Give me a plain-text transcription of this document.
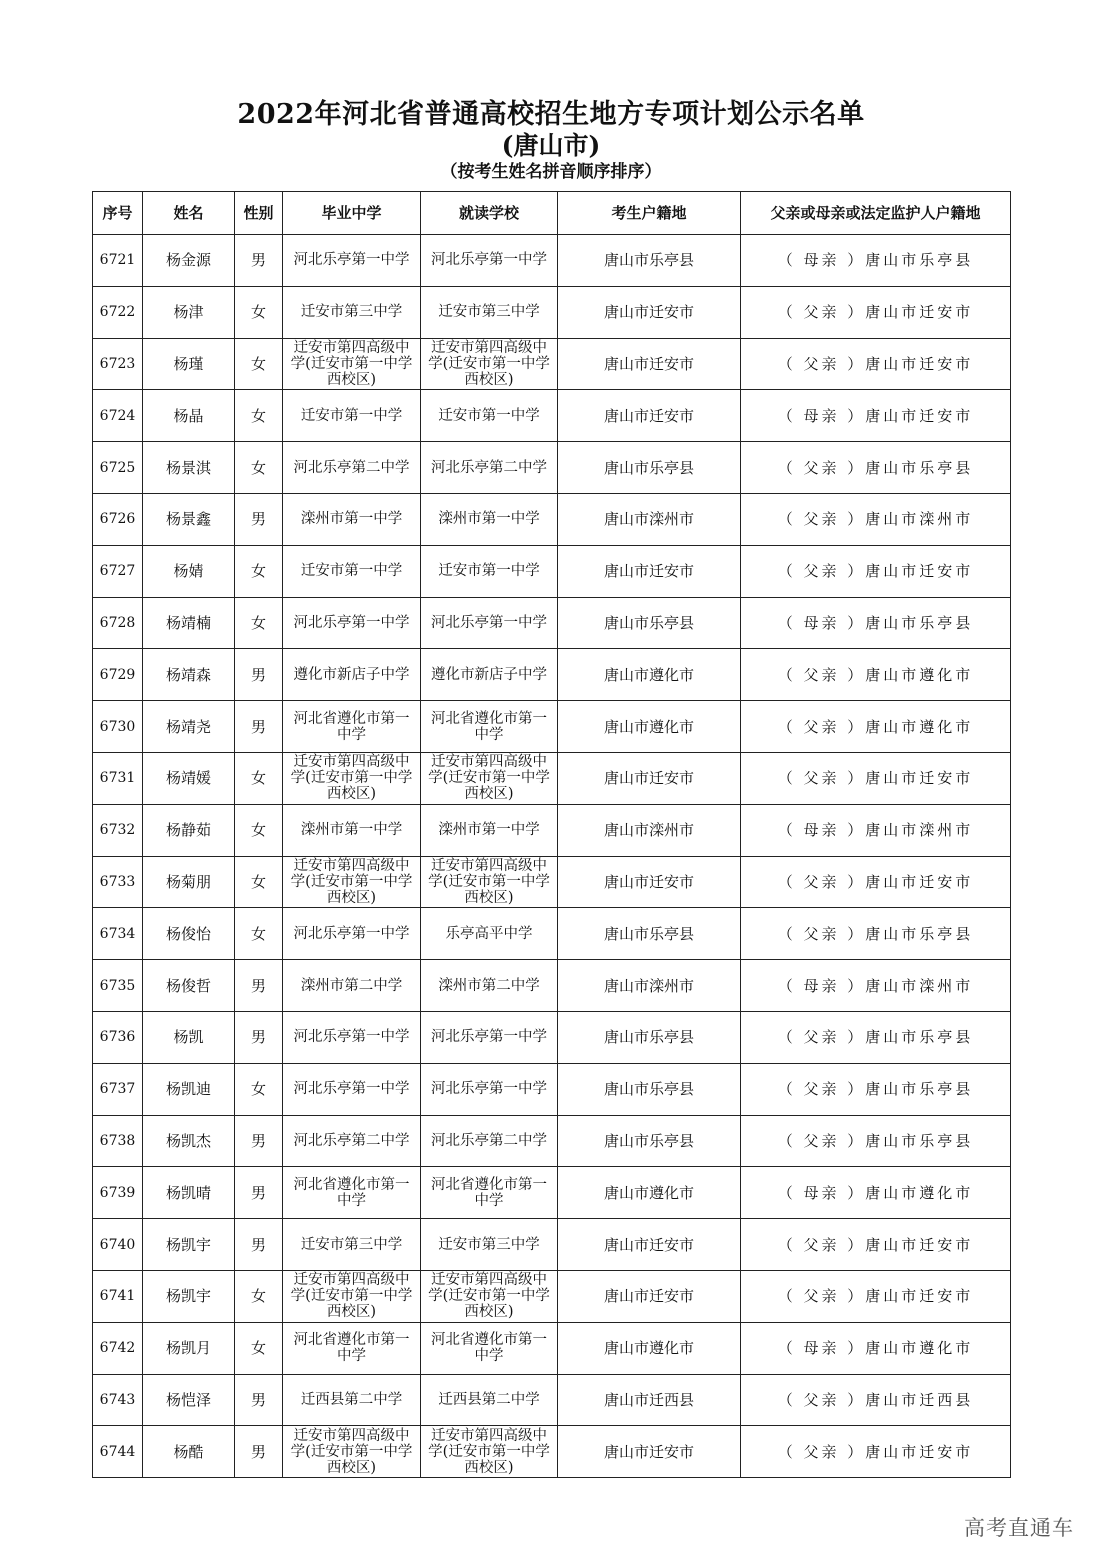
2022年河北省普通高校招生地方专项计划公示名单
(唐山市)
（按考生姓名拼音顺序排序）
序号	姓名	性别	毕业中学	就读学校	考生户籍地	父亲或母亲或法定监护人户籍地
6721	杨金源	男	河北乐亭第一中学	河北乐亭第一中学	唐山市乐亭县	（ 母亲 ）唐山市乐亭县
6722	杨津	女	迁安市第三中学	迁安市第三中学	唐山市迁安市	（ 父亲 ）唐山市迁安市
6723	杨瑾	女	迁安市第四高级中学(迁安市第一中学西校区)	迁安市第四高级中学(迁安市第一中学西校区)	唐山市迁安市	（ 父亲 ）唐山市迁安市
6724	杨晶	女	迁安市第一中学	迁安市第一中学	唐山市迁安市	（ 母亲 ）唐山市迁安市
6725	杨景淇	女	河北乐亭第二中学	河北乐亭第二中学	唐山市乐亭县	（ 父亲 ）唐山市乐亭县
6726	杨景鑫	男	滦州市第一中学	滦州市第一中学	唐山市滦州市	（ 父亲 ）唐山市滦州市
6727	杨婧	女	迁安市第一中学	迁安市第一中学	唐山市迁安市	（ 父亲 ）唐山市迁安市
6728	杨靖楠	女	河北乐亭第一中学	河北乐亭第一中学	唐山市乐亭县	（ 母亲 ）唐山市乐亭县
6729	杨靖森	男	遵化市新店子中学	遵化市新店子中学	唐山市遵化市	（ 父亲 ）唐山市遵化市
6730	杨靖尧	男	河北省遵化市第一中学	河北省遵化市第一中学	唐山市遵化市	（ 父亲 ）唐山市遵化市
6731	杨靖媛	女	迁安市第四高级中学(迁安市第一中学西校区)	迁安市第四高级中学(迁安市第一中学西校区)	唐山市迁安市	（ 父亲 ）唐山市迁安市
6732	杨静茹	女	滦州市第一中学	滦州市第一中学	唐山市滦州市	（ 母亲 ）唐山市滦州市
6733	杨菊朋	女	迁安市第四高级中学(迁安市第一中学西校区)	迁安市第四高级中学(迁安市第一中学西校区)	唐山市迁安市	（ 父亲 ）唐山市迁安市
6734	杨俊怡	女	河北乐亭第一中学	乐亭高平中学	唐山市乐亭县	（ 父亲 ）唐山市乐亭县
6735	杨俊哲	男	滦州市第二中学	滦州市第二中学	唐山市滦州市	（ 母亲 ）唐山市滦州市
6736	杨凯	男	河北乐亭第一中学	河北乐亭第一中学	唐山市乐亭县	（ 父亲 ）唐山市乐亭县
6737	杨凯迪	女	河北乐亭第一中学	河北乐亭第一中学	唐山市乐亭县	（ 父亲 ）唐山市乐亭县
6738	杨凯杰	男	河北乐亭第二中学	河北乐亭第二中学	唐山市乐亭县	（ 父亲 ）唐山市乐亭县
6739	杨凯晴	男	河北省遵化市第一中学	河北省遵化市第一中学	唐山市遵化市	（ 母亲 ）唐山市遵化市
6740	杨凯宇	男	迁安市第三中学	迁安市第三中学	唐山市迁安市	（ 父亲 ）唐山市迁安市
6741	杨凯宇	女	迁安市第四高级中学(迁安市第一中学西校区)	迁安市第四高级中学(迁安市第一中学西校区)	唐山市迁安市	（ 父亲 ）唐山市迁安市
6742	杨凯月	女	河北省遵化市第一中学	河北省遵化市第一中学	唐山市遵化市	（ 母亲 ）唐山市遵化市
6743	杨恺泽	男	迁西县第二中学	迁西县第二中学	唐山市迁西县	（ 父亲 ）唐山市迁西县
6744	杨酷	男	迁安市第四高级中学(迁安市第一中学西校区)	迁安市第四高级中学(迁安市第一中学西校区)	唐山市迁安市	（ 父亲 ）唐山市迁安市
高考直通车
